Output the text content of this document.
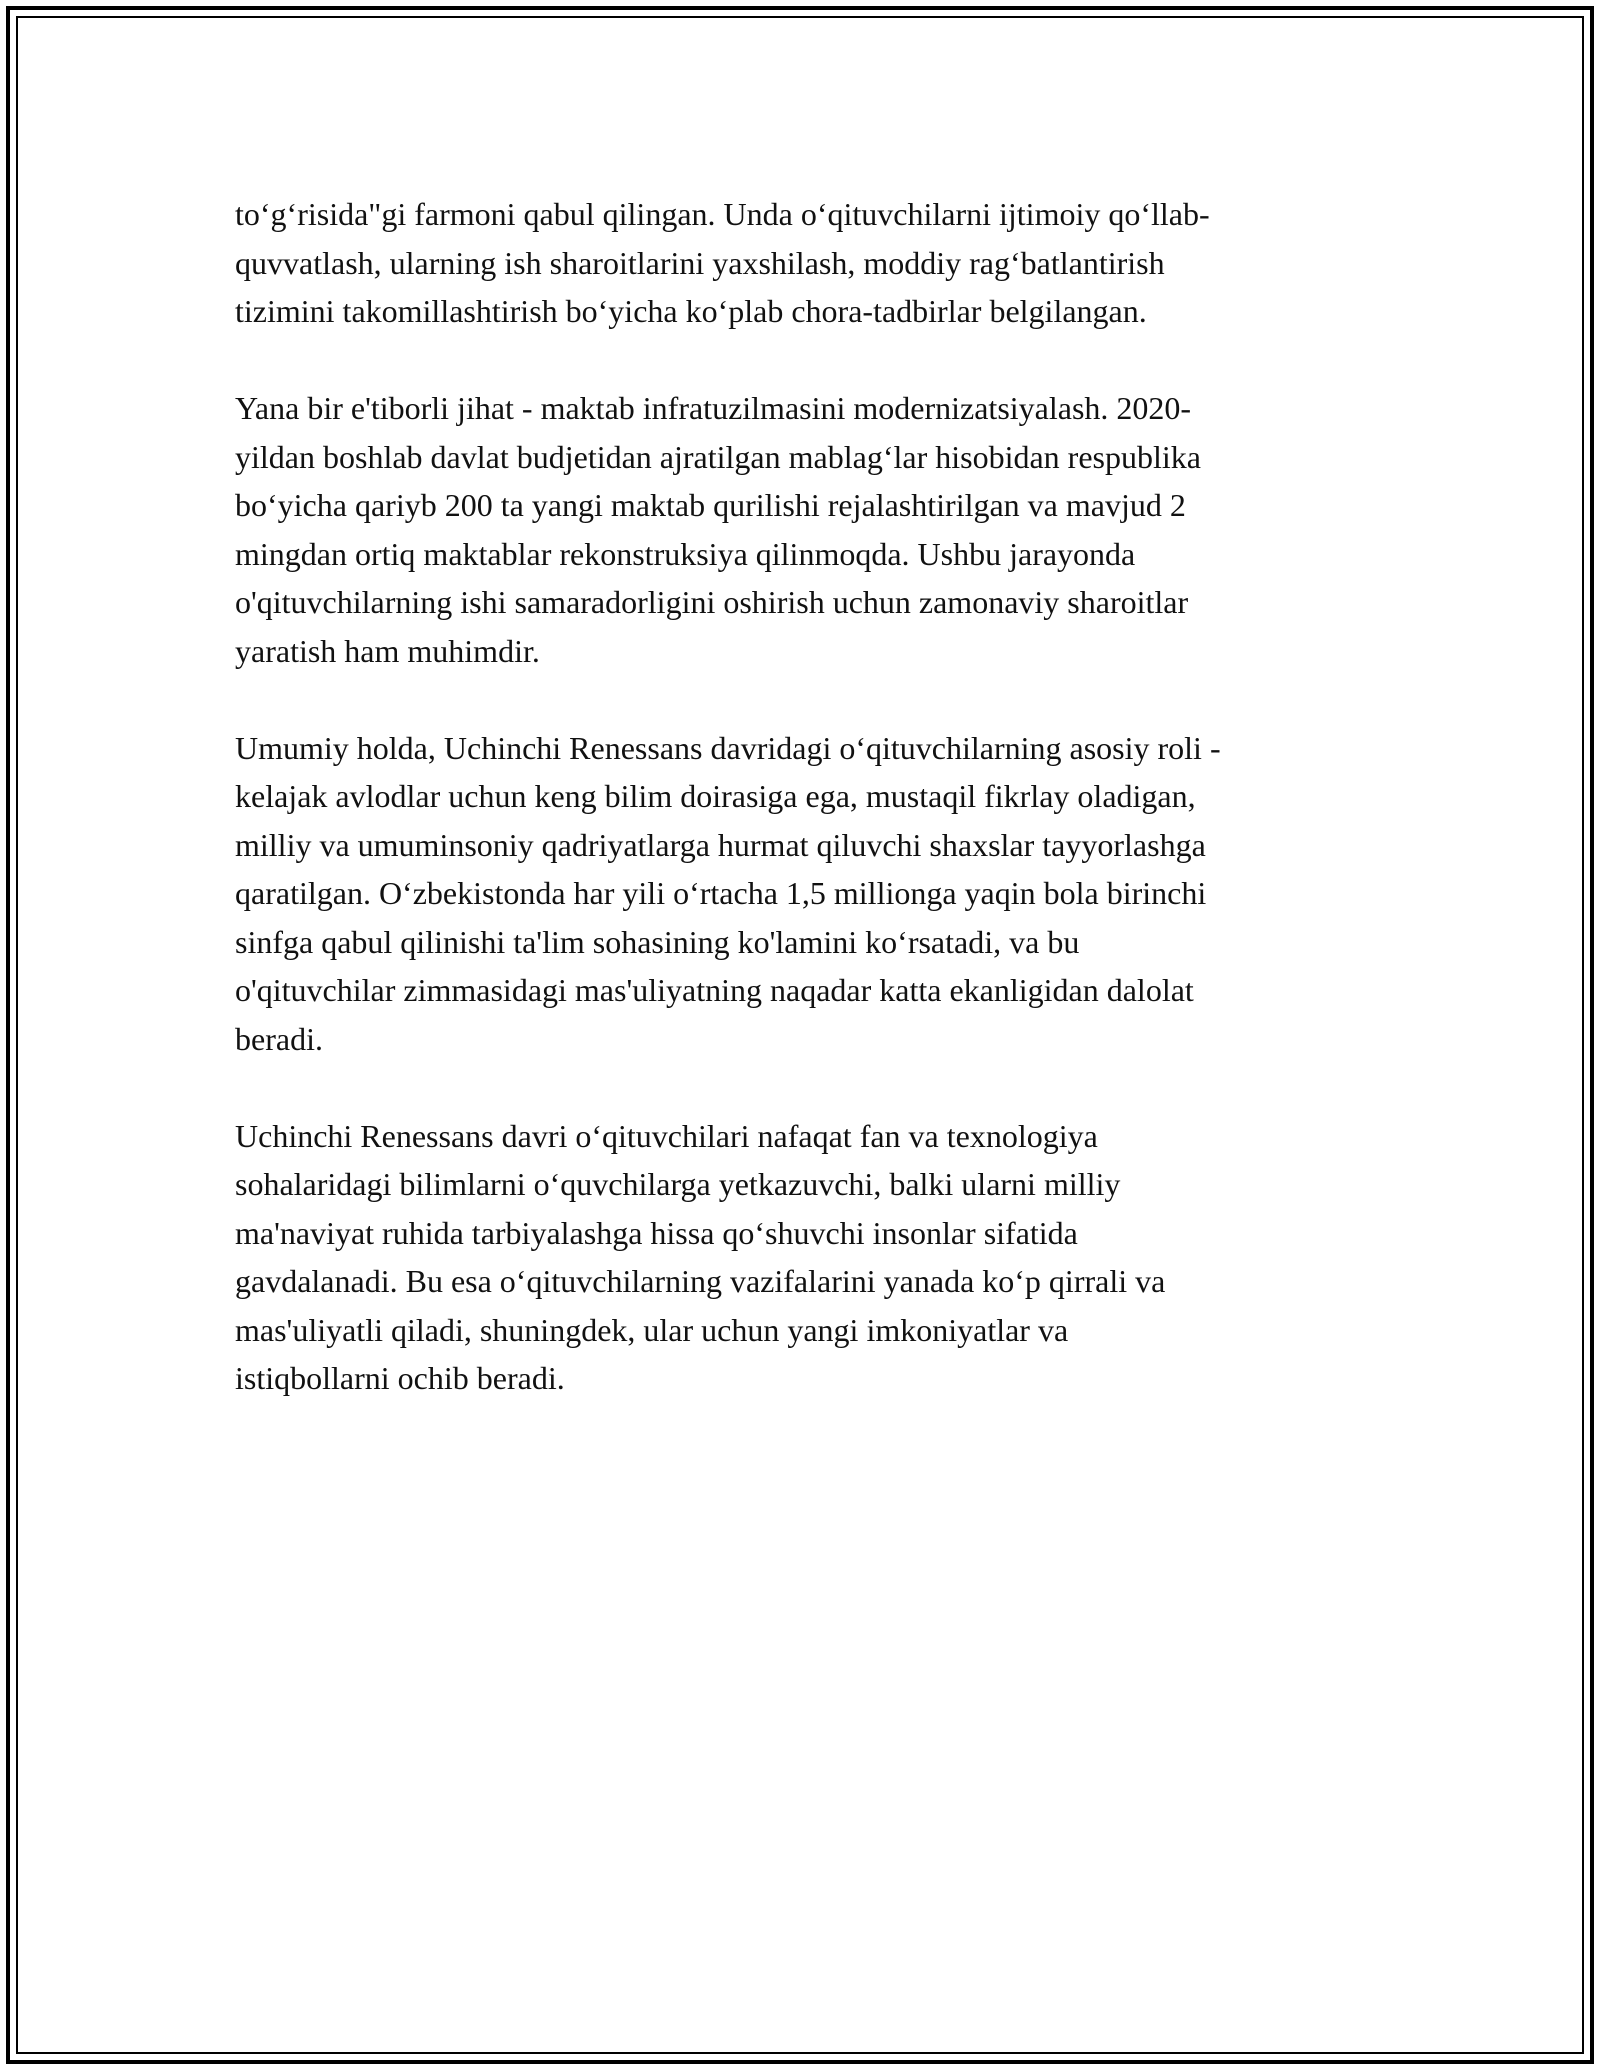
to‘g‘risida"gi farmoni qabul qilingan. Unda o‘qituvchilarni ijtimoiy qo‘llab-
quvvatlash, ularning ish sharoitlarini yaxshilash, moddiy rag‘batlantirish
tizimini takomillashtirish bo‘yicha ko‘plab chora-tadbirlar belgilangan.

Yana bir e'tiborli jihat - maktab infratuzilmasini modernizatsiyalash. 2020-
yildan boshlab davlat budjetidan ajratilgan mablag‘lar hisobidan respublika
bo‘yicha qariyb 200 ta yangi maktab qurilishi rejalashtirilgan va mavjud 2
mingdan ortiq maktablar rekonstruksiya qilinmoqda. Ushbu jarayonda
o'qituvchilarning ishi samaradorligini oshirish uchun zamonaviy sharoitlar
yaratish ham muhimdir.

Umumiy holda, Uchinchi Renessans davridagi o‘qituvchilarning asosiy roli -
kelajak avlodlar uchun keng bilim doirasiga ega, mustaqil fikrlay oladigan,
milliy va umuminsoniy qadriyatlarga hurmat qiluvchi shaxslar tayyorlashga
qaratilgan. O‘zbekistonda har yili o‘rtacha 1,5 millionga yaqin bola birinchi
sinfga qabul qilinishi ta'lim sohasining ko'lamini ko‘rsatadi, va bu
o'qituvchilar zimmasidagi mas'uliyatning naqadar katta ekanligidan dalolat
beradi.

Uchinchi Renessans davri o‘qituvchilari nafaqat fan va texnologiya
sohalaridagi bilimlarni o‘quvchilarga yetkazuvchi, balki ularni milliy
ma'naviyat ruhida tarbiyalashga hissa qo‘shuvchi insonlar sifatida
gavdalanadi. Bu esa o‘qituvchilarning vazifalarini yanada ko‘p qirrali va
mas'uliyatli qiladi, shuningdek, ular uchun yangi imkoniyatlar va
istiqbollarni ochib beradi.
